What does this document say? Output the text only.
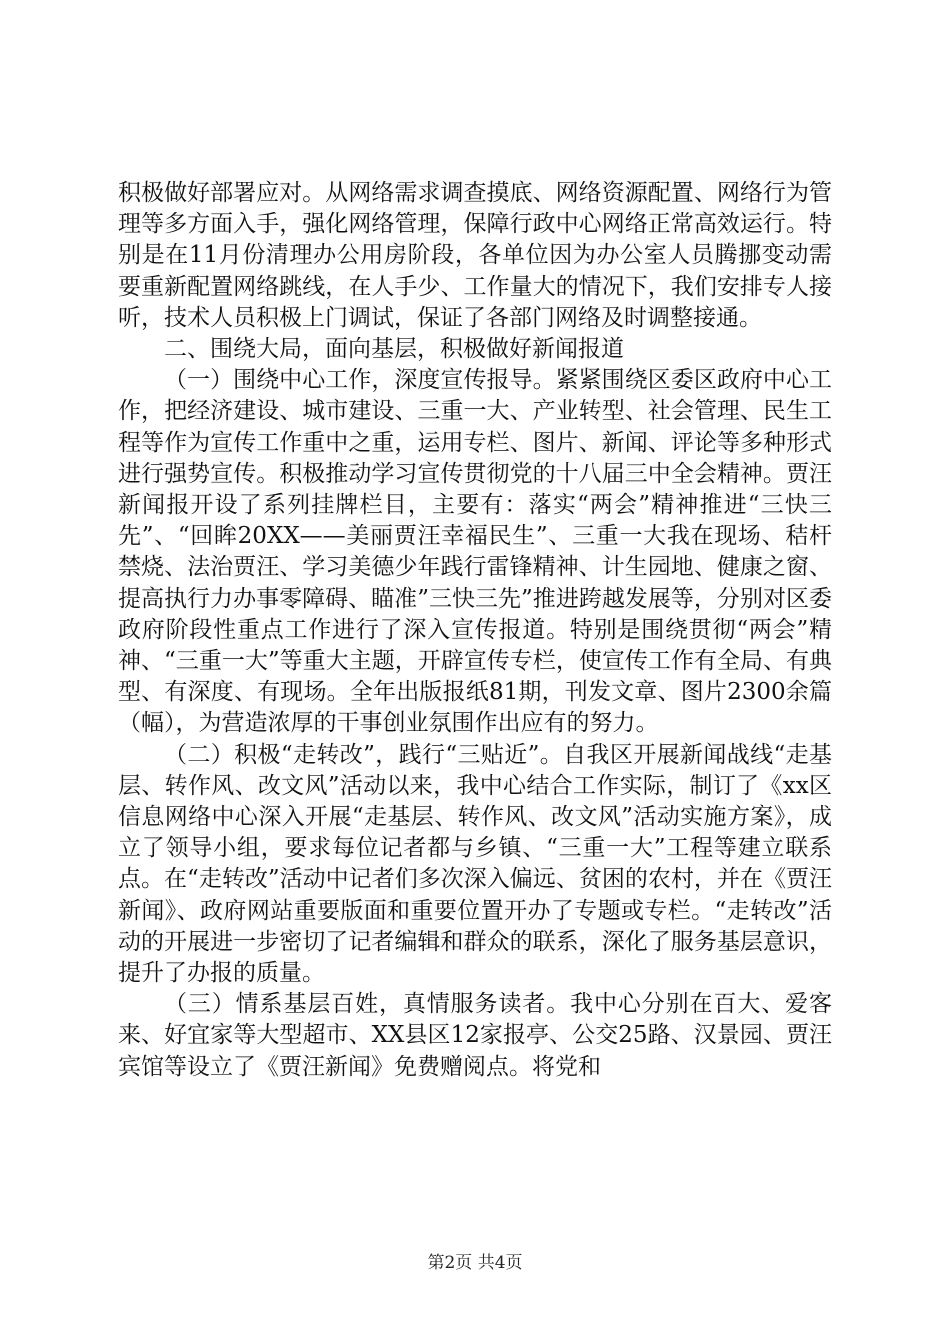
积极做好部署应对。从网络需求调查摸底、网络资源配置、网络行为管理等多方面入手，强化网络管理，保障行政中心网络正常高效运行。特别是在11月份清理办公用房阶段，各单位因为办公室人员腾挪变动需要重新配置网络跳线，在人手少、工作量大的情况下，我们安排专人接听，技术人员积极上门调试，保证了各部门网络及时调整接通。

二、围绕大局，面向基层，积极做好新闻报道

（一）围绕中心工作，深度宣传报导。紧紧围绕区委区政府中心工作，把经济建设、城市建设、三重一大、产业转型、社会管理、民生工程等作为宣传工作重中之重，运用专栏、图片、新闻、评论等多种形式进行强势宣传。积极推动学习宣传贯彻党的十八届三中全会精神。贾汪新闻报开设了系列挂牌栏目，主要有：落实“两会”精神推进“三快三先”、“回眸20XX——美丽贾汪幸福民生”、三重一大我在现场、秸杆禁烧、法治贾汪、学习美德少年践行雷锋精神、计生园地、健康之窗、提高执行力办事零障碍、瞄准”三快三先”推进跨越发展等，分别对区委政府阶段性重点工作进行了深入宣传报道。特别是围绕贯彻“两会”精神、“三重一大”等重大主题，开辟宣传专栏，使宣传工作有全局、有典型、有深度、有现场。全年出版报纸81期，刊发文章、图片2300余篇（幅），为营造浓厚的干事创业氛围作出应有的努力。

（二）积极“走转改”，践行“三贴近”。自我区开展新闻战线“走基层、转作风、改文风”活动以来，我中心结合工作实际，制订了《xx区信息网络中心深入开展“走基层、转作风、改文风”活动实施方案》，成立了领导小组，要求每位记者都与乡镇、“三重一大”工程等建立联系点。在“走转改”活动中记者们多次深入偏远、贫困的农村，并在《贾汪新闻》、政府网站重要版面和重要位置开办了专题或专栏。“走转改”活动的开展进一步密切了记者编辑和群众的联系，深化了服务基层意识，提升了办报的质量。

（三）情系基层百姓，真情服务读者。我中心分别在百大、爱客来、好宜家等大型超市、XX县区12家报亭、公交25路、汉景园、贾汪宾馆等设立了《贾汪新闻》免费赠阅点。将党和

第2页 共4页
